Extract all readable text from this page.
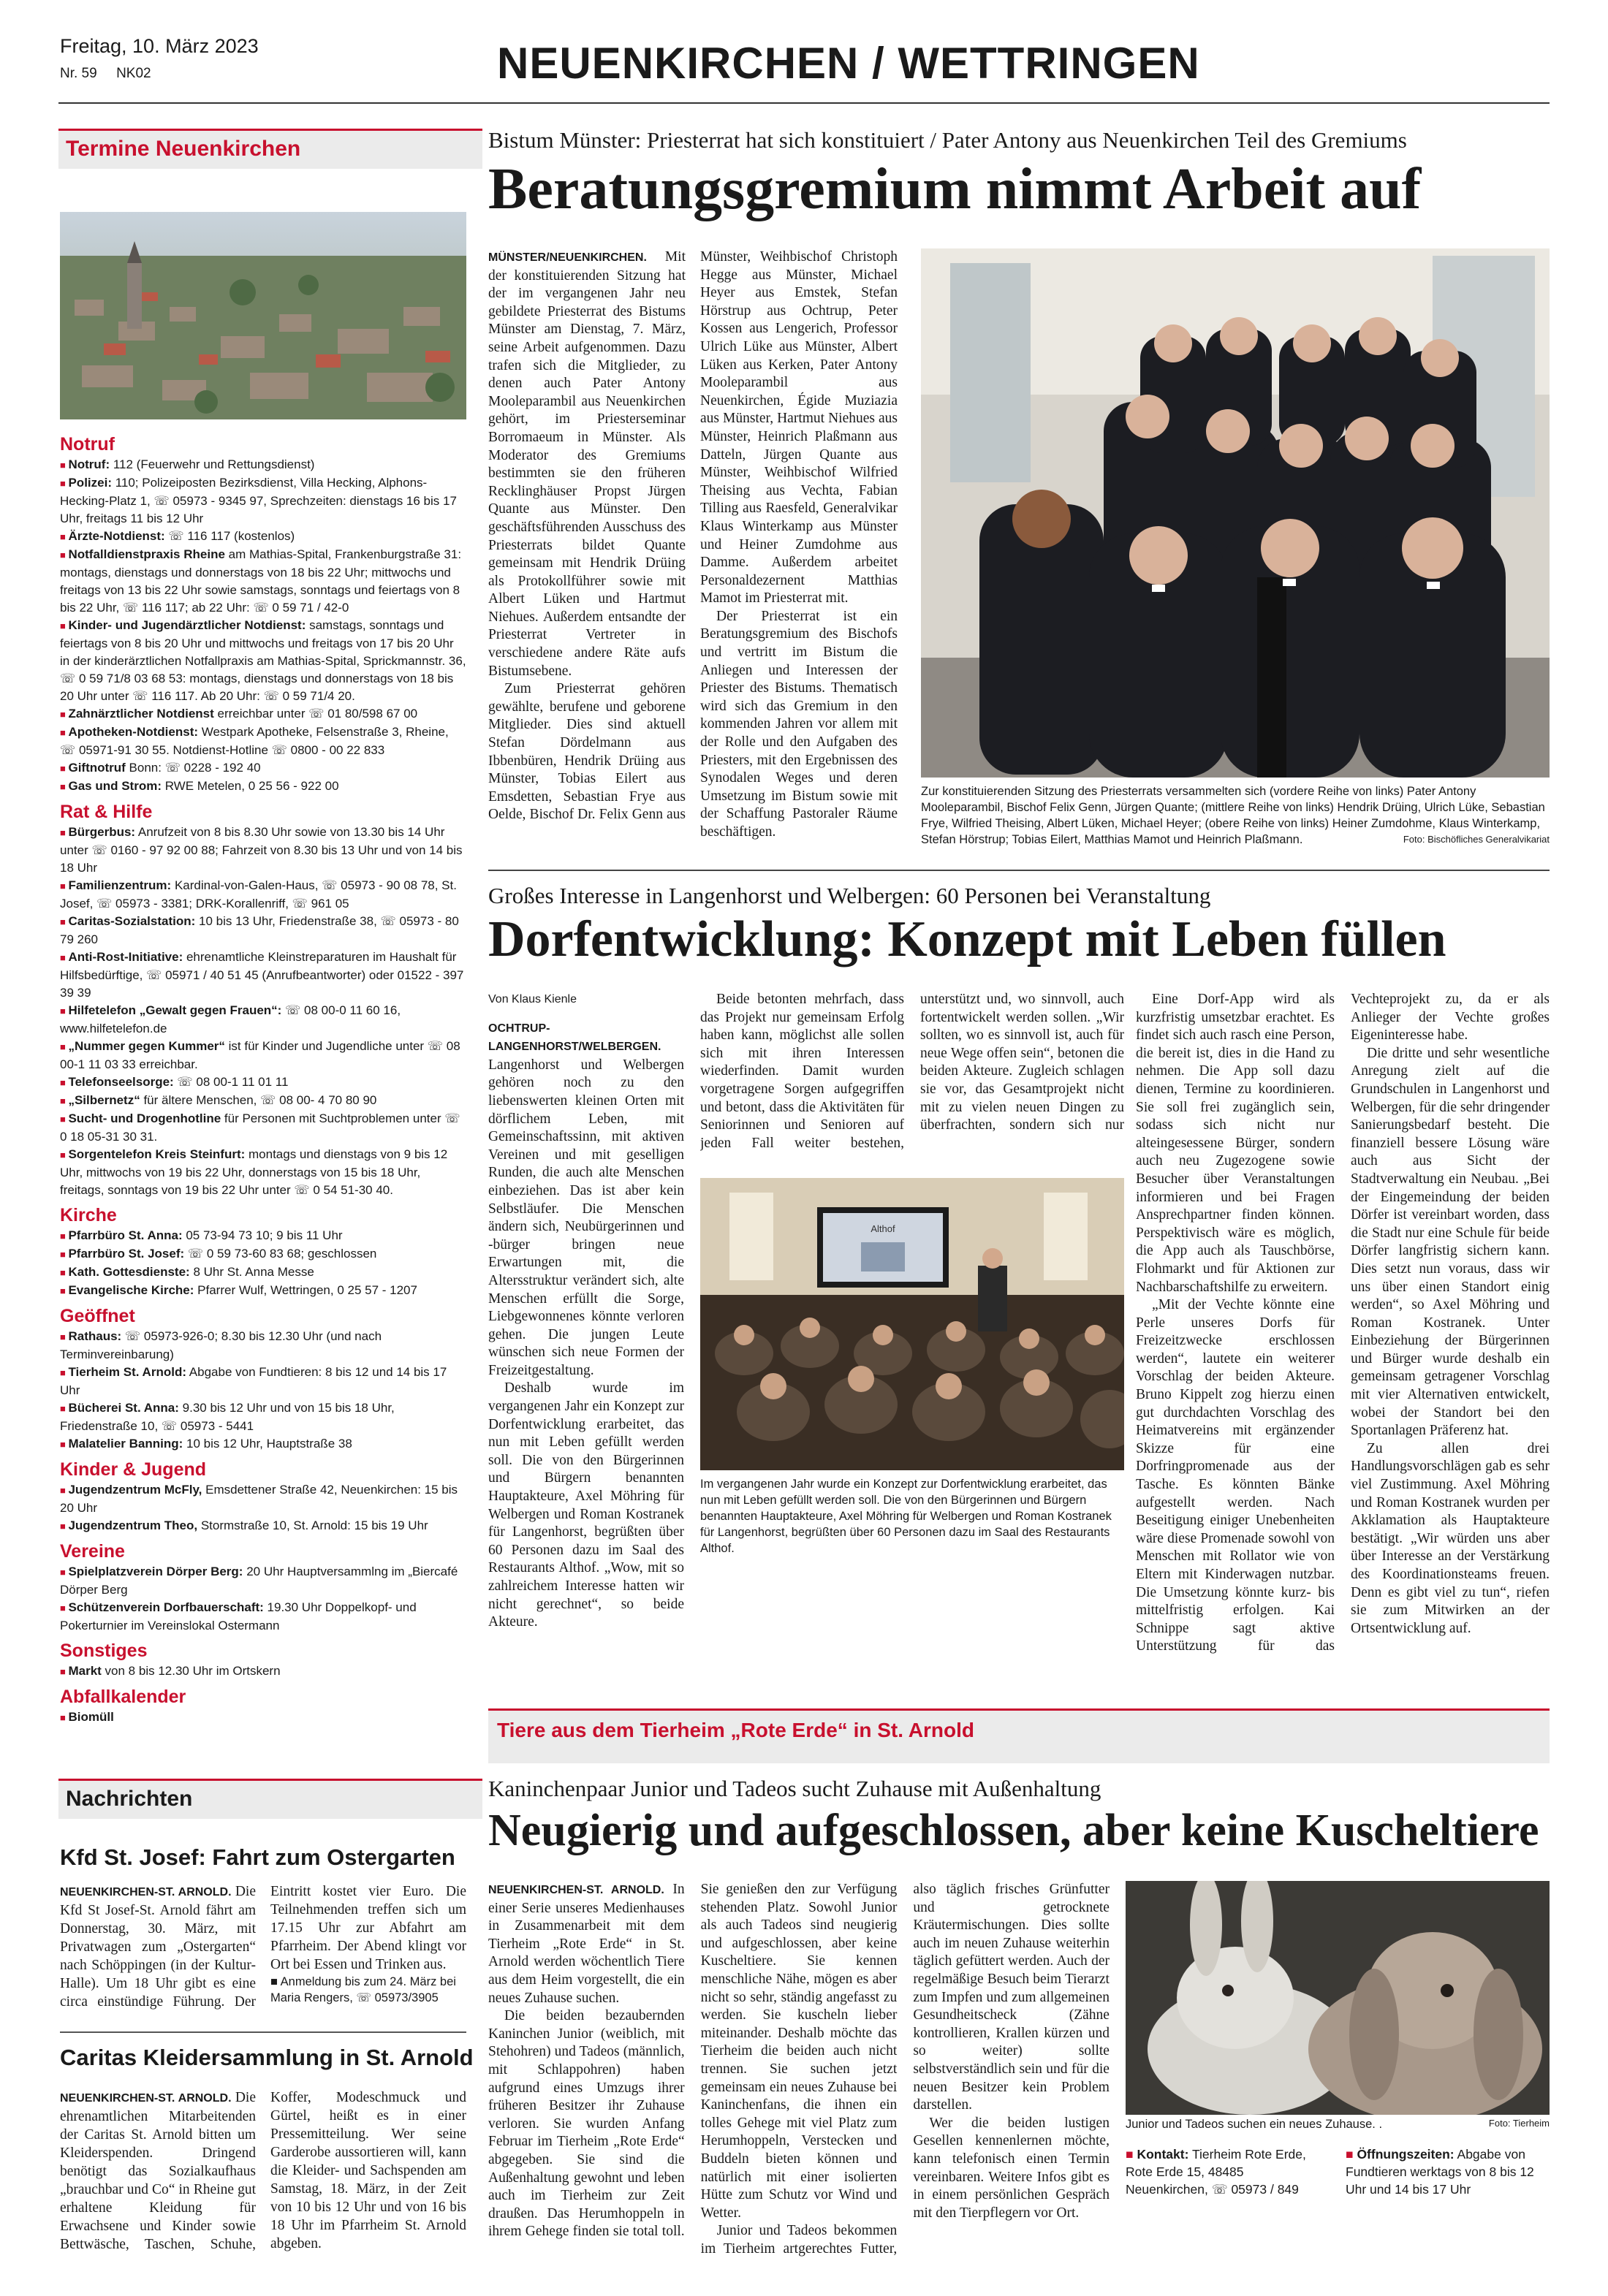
Freitag, 10. März 2023
Nr. 59     NK02	NEUENKIRCHEN / WETTRINGEN
Termine Neuenkirchen
Notruf

■ Notruf: 112 (Feuerwehr und Rettungsdienst)

■ Polizei: 110; Polizeiposten Bezirksdienst, Villa Hecking, Alphons-Hecking-Platz 1, ☏ 05973 - 9345 97, Sprechzeiten: dienstags 16 bis 17 Uhr, freitags 11 bis 12 Uhr

■ Ärzte-Notdienst: ☏ 116 117 (kostenlos)

■ Notfalldienstpraxis Rheine am Mathias-Spital, Frankenburgstraße 31: montags, dienstags und donnerstags von 18 bis 22 Uhr; mittwochs und freitags von 13 bis 22 Uhr sowie samstags, sonntags und feiertags von 8 bis 22 Uhr, ☏ 116 117; ab 22 Uhr: ☏ 0 59 71 / 42-0

■ Kinder- und Jugendärztlicher Notdienst: samstags, sonntags und feiertags von 8 bis 20 Uhr und mittwochs und freitags von 17 bis 20 Uhr in der kinderärztlichen Notfallpraxis am Mathias-Spital, Sprickmannstr. 36, ☏ 0 59 71/8 03 68 53: montags, dienstags und donnerstags von 18 bis 20 Uhr unter ☏ 116 117. Ab 20 Uhr: ☏ 0 59 71/4 20.

■ Zahnärztlicher Notdienst erreichbar unter ☏ 01 80/598 67 00

■ Apotheken-Notdienst: Westpark Apotheke, Felsenstraße 3, Rheine, ☏ 05971-91 30 55. Notdienst-Hotline ☏ 0800 - 00 22 833

■ Giftnotruf Bonn: ☏ 0228 - 192 40

■ Gas und Strom: RWE Metelen, 0 25 56 - 922 00

Rat & Hilfe

■ Bürgerbus: Anrufzeit von 8 bis 8.30 Uhr sowie von 13.30 bis 14 Uhr unter ☏ 0160 - 97 92 00 88; Fahrzeit von 8.30 bis 13 Uhr und von 14 bis 18 Uhr

■ Familienzentrum: Kardinal-von-Galen-Haus, ☏ 05973 - 90 08 78, St. Josef, ☏ 05973 - 3381; DRK-Korallenriff, ☏ 961 05

■ Caritas-Sozialstation: 10 bis 13 Uhr, Friedenstraße 38, ☏ 05973 - 80 79 260

■ Anti-Rost-Initiative: ehrenamtliche Kleinstreparaturen im Haushalt für Hilfsbedürftige, ☏ 05971 / 40 51 45 (Anrufbeantworter) oder 01522 - 397 39 39

■ Hilfetelefon „Gewalt gegen Frauen“: ☏ 08 00-0 11 60 16, www.hilfetelefon.de

■ „Nummer gegen Kummer“ ist für Kinder und Jugendliche unter ☏ 08 00-1 11 03 33 erreichbar.

■ Telefonseelsorge: ☏ 08 00-1 11 01 11

■ „Silbernetz“ für ältere Menschen, ☏ 08 00- 4 70 80 90

■ Sucht- und Drogenhotline für Personen mit Suchtproblemen unter ☏ 0 18 05-31 30 31.

■ Sorgentelefon Kreis Steinfurt: montags und dienstags von 9 bis 12 Uhr, mittwochs von 19 bis 22 Uhr, donnerstags von 15 bis 18 Uhr, freitags, sonntags von 19 bis 22 Uhr unter ☏ 0 54 51-30 40.

Kirche

■ Pfarrbüro St. Anna: 05 73-94 73 10; 9 bis 11 Uhr

■ Pfarrbüro St. Josef: ☏ 0 59 73-60 83 68; geschlossen

■ Kath. Gottesdienste: 8 Uhr St. Anna Messe

■ Evangelische Kirche: Pfarrer Wulf, Wettringen, 0 25 57 - 1207

Geöffnet

■ Rathaus: ☏ 05973-926-0; 8.30 bis 12.30 Uhr (und nach Terminvereinbarung)

■ Tierheim St. Arnold: Abgabe von Fundtieren: 8 bis 12 und 14 bis 17 Uhr

■ Bücherei St. Anna: 9.30 bis 12 Uhr und von 15 bis 18 Uhr, Friedenstraße 10, ☏ 05973 - 5441

■ Malatelier Banning: 10 bis 12 Uhr, Hauptstraße 38

Kinder & Jugend

■ Jugendzentrum McFly, Emsdettener Straße 42, Neuenkirchen: 15 bis 20 Uhr

■ Jugendzentrum Theo, Stormstraße 10, St. Arnold: 15 bis 19 Uhr

Vereine

■ Spielplatzverein Dörper Berg: 20 Uhr Hauptversammlng im „Biercafé Dörper Berg

■ Schützenverein Dorfbauerschaft: 19.30 Uhr Doppelkopf- und Pokerturnier im Vereinslokal Ostermann

Sonstiges

■ Markt von 8 bis 12.30 Uhr im Ortskern

Abfallkalender

■ Biomüll

Nachrichten
Kfd St. Josef: Fahrt zum Ostergarten
NEUENKIRCHEN-ST. ARNOLD. Die Kfd St Josef-St. Arnold fährt am Donnerstag, 30. März, mit Privatwagen zum „Ostergarten“ nach Schöppingen (in der Kultur-Halle). Um 18 Uhr gibt es eine circa einstündige Führung. Der Eintritt kostet vier Euro. Die Teilnehmenden treffen sich um 17.15 Uhr zur Abfahrt am Pfarrheim. Der Abend klingt vor Ort bei Essen und Trinken aus.

■ Anmeldung bis zum 24. März bei Maria Rengers, ☏ 05973/3905

Caritas Kleidersammlung in St. Arnold
NEUENKIRCHEN-ST. ARNOLD. Die ehrenamtlichen Mitarbeitenden der Caritas St. Arnold bitten um Kleiderspenden. Dringend benötigt das Sozialkaufhaus „brauchbar und Co“ in Rheine gut erhaltene Kleidung für Erwachsene und Kinder sowie Bettwäsche, Taschen, Schuhe, Koffer, Modeschmuck und Gürtel, heißt es in einer Pressemitteilung. Wer seine Garderobe aussortieren will, kann die Kleider- und Sachspenden am Samstag, 18. März, in der Zeit von 10 bis 12 Uhr und von 16 bis 18 Uhr im Pfarrheim St. Arnold abgeben.
Bistum Münster: Priesterrat hat sich konstituiert / Pater Antony aus Neuenkirchen Teil des Gremiums
Beratungsgremium nimmt Arbeit auf

MÜNSTER/NEUENKIRCHEN. Mit der konstituierenden Sitzung hat der im vergangenen Jahr neu gebildete Priesterrat des Bistums Münster am Dienstag, 7. März, seine Arbeit aufgenommen. Dazu trafen sich die Mitglieder, zu denen auch Pater Antony Mooleparambil aus Neuenkirchen gehört, im Priesterseminar Borromaeum in Münster. Als Moderator des Gremiums bestimmten sie den früheren Recklinghäuser Propst Jürgen Quante aus Münster. Den geschäftsführenden Ausschuss des Priesterrats bildet Quante gemeinsam mit Hendrik Drüing als Protokollführer sowie mit Albert Lüken und Hartmut Niehues. Außerdem entsandte der Priesterrat Vertreter in verschiedene andere Räte aufs Bistumsebene.

Zum Priesterrat gehören gewählte, berufene und geborene Mitglieder. Dies sind aktuell Stefan Dördelmann aus Ibbenbüren, Hendrik Drüing aus Münster, Tobias Eilert aus Emsdetten, Sebastian Frye aus Oelde, Bischof Dr. Felix Genn aus Münster, Weihbischof Christoph Hegge aus Münster, Michael Heyer aus Emstek, Stefan Hörstrup aus Ochtrup, Peter Kossen aus Lengerich, Professor Ulrich Lüke aus Münster, Albert Lüken aus Kerken, Pater Antony Mooleparambil aus Neuenkirchen, Égide Muziazia aus Münster, Hartmut Niehues aus Münster, Heinrich Plaßmann aus Datteln, Jürgen Quante aus Münster, Weihbischof Wilfried Theising aus Vechta, Fabian Tilling aus Raesfeld, Generalvikar Klaus Winterkamp aus Münster und Heiner Zumdohme aus Damme. Außerdem arbeitet Personaldezernent Matthias Mamot im Priesterrat mit.

Der Priesterrat ist ein Beratungsgremium des Bischofs und vertritt im Bistum die Anliegen und Interessen der Priester des Bistums. Thematisch wird sich das Gremium in den kommenden Jahren vor allem mit der Rolle und den Aufgaben des Priesters, mit den Ergebnissen des Synodalen Weges und deren Umsetzung im Bistum sowie mit der Schaffung Pastoraler Räume beschäftigen.

Zur konstituierenden Sitzung des Priesterrats versammelten sich (vordere Reihe von links) Pater Antony Mooleparambil, Bischof Felix Genn, Jürgen Quante; (mittlere Reihe von links) Hendrik Drüing, Ulrich Lüke, Sebastian Frye, Wilfried Theising, Albert Lüken, Michael Heyer; (obere Reihe von links) Heiner Zumdohme, Klaus Winterkamp, Stefan Hörstrup; Tobias Eilert, Matthias Mamot und Heinrich Plaßmann.	Foto: Bischöfliches Generalvikariat
Großes Interesse in Langenhorst und Welbergen: 60 Personen bei Veranstaltung
Dorfentwicklung: Konzept mit Leben füllen

Von Klaus Kienle

OCHTRUP-LANGENHORST/WELBERGEN. Langenhorst und Welbergen gehören noch zu den liebenswerten kleinen Orten mit dörflichem Leben, mit Gemeinschaftssinn, mit aktiven Vereinen und mit geselligen Runden, die auch alte Menschen einbeziehen. Das ist aber kein Selbstläufer. Die Menschen ändern sich, Neubürgerinnen und -bürger bringen neue Erwartungen mit, die Altersstruktur verändert sich, alte Menschen erfüllt die Sorge, Liebgewonnenes könnte verloren gehen. Die jungen Leute wünschen sich neue Formen der Freizeitgestaltung.

Deshalb wurde im vergangenen Jahr ein Konzept zur Dorfentwicklung erarbeitet, das nun mit Leben gefüllt werden soll. Die von den Bürgerinnen und Bürgern benannten Hauptakteure, Axel Möhring für Welbergen und Roman Kostranek für Langenhorst, begrüßten über 60 Personen dazu im Saal des Restaurants Althof. „Wow, mit so zahlreichem Interesse hatten wir nicht gerechnet“, so beide Akteure.

Beide betonten mehrfach, dass das Projekt nur gemeinsam Erfolg haben kann, möglichst alle sollen sich mit ihren Interessen wiederfinden. Damit wurden vorgetragene Sorgen aufgegriffen und betont, dass die Aktivitäten für Seniorinnen und Senioren auf jeden Fall weiter bestehen, unterstützt und, wo sinnvoll, auch fortentwickelt werden sollen. „Wir sollten, wo es sinnvoll ist, auch für neue Wege offen sein“, betonen die beiden Akteure. Zugleich schlagen sie vor, das Gesamtprojekt nicht mit zu vielen neuen Dingen zu überfrachten, sondern sich nur

Althof
Im vergangenen Jahr wurde ein Konzept zur Dorfentwicklung erarbeitet, das nun mit Leben gefüllt werden soll. Die von den Bürgerinnen und Bürgern benannten Hauptakteure, Axel Möhring für Welbergen und Roman Kostranek für Langenhorst, begrüßten über 60 Personen dazu im Saal des Restaurants Althof.

Eine Dorf-App wird als kurzfristig umsetzbar erachtet. Es findet sich auch rasch eine Person, die bereit ist, dies in die Hand zu nehmen. Die App soll dazu dienen, Termine zu koordinieren. Sie soll frei zugänglich sein, sodass sich nicht nur alteingesessene Bürger, sondern auch neu Zugezogene sowie Besucher über Veranstaltungen informieren und bei Fragen Ansprechpartner finden können. Perspektivisch wäre es möglich, die App auch als Tauschbörse, Flohmarkt und für Aktionen zur Nachbarschaftshilfe zu erweitern.

„Mit der Vechte könnte eine Perle unseres Dorfs für Freizeitzwecke erschlossen werden“, lautete ein weiterer Vorschlag der beiden Akteure. Bruno Kippelt zog hierzu einen gut durchdachten Vorschlag des Heimatvereins mit ergänzender Skizze für eine Dorfringpromenade aus der Tasche. Es könnten Bänke aufgestellt werden. Nach Beseitigung einiger Unebenheiten wäre diese Promenade sowohl von Menschen mit Rollator wie von Eltern mit Kinderwagen nutzbar. Die Umsetzung könnte kurz- bis mittelfristig erfolgen. Kai Schnippe sagt aktive Unterstützung für das Vechteprojekt zu, da er als Anlieger der Vechte großes Eigeninteresse habe.

Die dritte und sehr wesentliche Anregung zielt auf die Grundschulen in Langenhorst und Welbergen, für die sehr dringender Sanierungsbedarf besteht. Die finanziell bessere Lösung wäre auch aus Sicht der Stadtverwaltung ein Neubau. „Bei der Eingemeindung der beiden Dörfer ist vereinbart worden, dass die Stadt nur eine Schule für beide Dörfer langfristig sichern kann. Dies setzt nun voraus, dass wir uns über einen Standort einig werden“, so Axel Möhring und Roman Kostranek. Unter Einbeziehung der Bürgerinnen und Bürger wurde deshalb ein gemeinsam getragener Vorschlag mit vier Alternativen entwickelt, wobei der Standort bei den Sportanlagen Präferenz hat.

Zu allen drei Handlungsvorschlägen gab es sehr viel Zustimmung. Axel Möhring und Roman Kostranek wurden per Akklamation als Hauptakteure bestätigt. „Wir würden uns aber über Interesse an der Verstärkung des Koordinationsteams freuen. Denn es gibt viel zu tun“, riefen sie zum Mitwirken an der Ortsentwicklung auf.

Tiere aus dem Tierheim „Rote Erde“ in St. Arnold
Kaninchenpaar Junior und Tadeos sucht Zuhause mit Außenhaltung
Neugierig und aufgeschlossen, aber keine Kuscheltiere

NEUENKIRCHEN-ST. ARNOLD. In einer Serie unseres Medienhauses in Zusammenarbeit mit dem Tierheim „Rote Erde“ in St. Arnold werden wöchentlich Tiere aus dem Heim vorgestellt, die ein neues Zuhause suchen.

Die beiden bezaubernden Kaninchen Junior (weiblich, mit Stehohren) und Tadeos (männlich, mit Schlappohren) haben aufgrund eines Umzugs ihrer früheren Besitzer ihr Zuhause verloren. Sie wurden Anfang Februar im Tierheim „Rote Erde“ abgegeben. Sie sind die Außenhaltung gewohnt und leben auch im Tierheim zur Zeit draußen. Das Herumhoppeln in ihrem Gehege finden sie total toll. Sie genießen den zur Verfügung stehenden Platz. Sowohl Junior als auch Tadeos sind neugierig und aufgeschlossen, aber keine Kuscheltiere. Sie kennen menschliche Nähe, mögen es aber nicht so sehr, ständig angefasst zu werden. Sie kuscheln lieber miteinander. Deshalb möchte das Tierheim die beiden auch nicht trennen. Sie suchen jetzt gemeinsam ein neues Zuhause bei Kaninchenfans, die ihnen ein tolles Gehege mit viel Platz zum Herumhoppeln, Verstecken und Buddeln bieten können und natürlich mit einer isolierten Hütte zum Schutz vor Wind und Wetter.

Junior und Tadeos bekommen im Tierheim artgerechtes Futter, also täglich frisches Grünfutter und getrocknete Kräutermischungen. Dies sollte auch im neuen Zuhause weiterhin täglich gefüttert werden. Auch der regelmäßige Besuch beim Tierarzt zum Impfen und zum allgemeinen Gesundheitscheck (Zähne kontrollieren, Krallen kürzen und so weiter) sollte selbstverständlich sein und für die neuen Besitzer kein Problem darstellen.

Wer die beiden lustigen Gesellen kennenlernen möchte, kann telefonisch einen Termin vereinbaren. Weitere Infos gibt es in einem persönlichen Gespräch mit den Tierpflegern vor Ort.

Junior und Tadeos suchen ein neues Zuhause. .	Foto: Tierheim

■ Kontakt: Tierheim Rote Erde, Rote Erde 15, 48485 Neuenkirchen, ☏ 05973 / 849

■ Öffnungszeiten: Abgabe von Fundtieren werktags von 8 bis 12 Uhr und 14 bis 17 Uhr
